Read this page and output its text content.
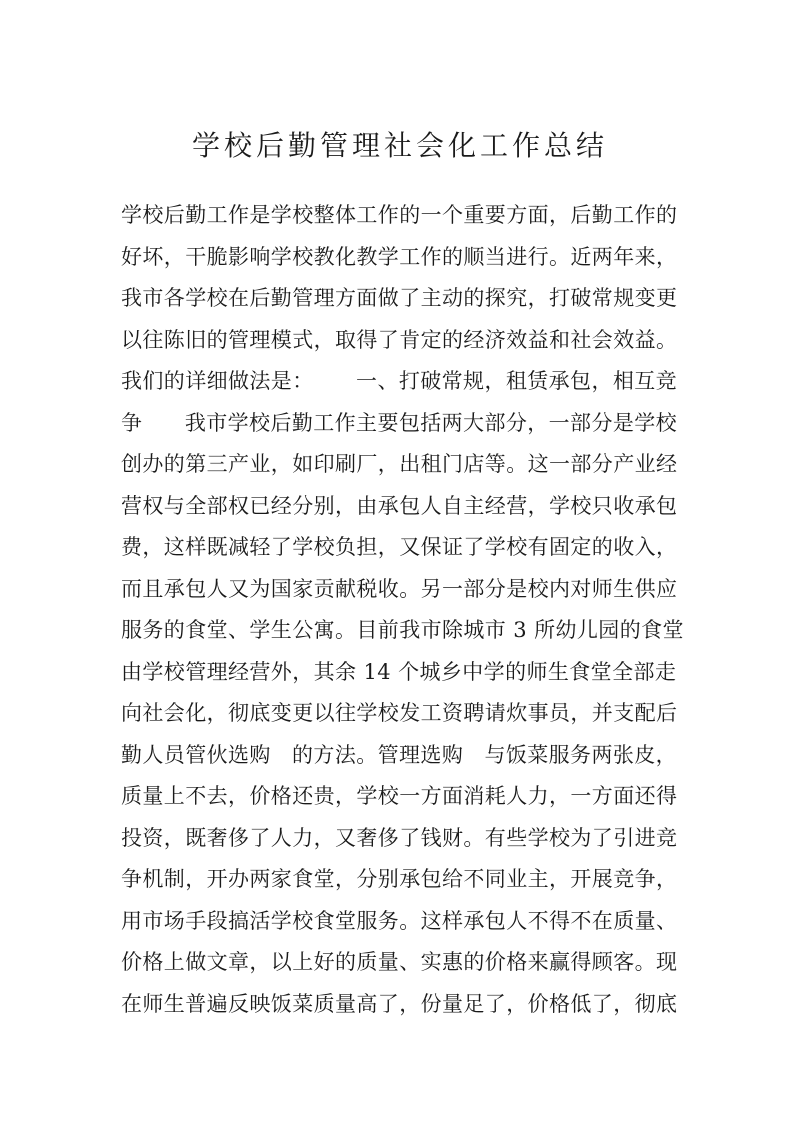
学校后勤管理社会化工作总结
学校后勤工作是学校整体工作的一个重要方面，后勤工作的
好坏，干脆影响学校教化教学工作的顺当进行。近两年来，
我市各学校在后勤管理方面做了主动的探究，打破常规变更
以往陈旧的管理模式，取得了肯定的经济效益和社会效益。
我们的详细做法是：      一、打破常规，租赁承包，相互竞
争      我市学校后勤工作主要包括两大部分，一部分是学校
创办的第三产业，如印刷厂，出租门店等。这一部分产业经
营权与全部权已经分别，由承包人自主经营，学校只收承包
费，这样既减轻了学校负担，又保证了学校有固定的收入，
而且承包人又为国家贡献税收。另一部分是校内对师生供应
服务的食堂、学生公寓。目前我市除城市 3 所幼儿园的食堂
由学校管理经营外，其余 14 个城乡中学的师生食堂全部走
向社会化，彻底变更以往学校发工资聘请炊事员，并支配后
勤人员管伙选购   的方法。管理选购   与饭菜服务两张皮，
质量上不去，价格还贵，学校一方面消耗人力，一方面还得
投资，既奢侈了人力，又奢侈了钱财。有些学校为了引进竞
争机制，开办两家食堂，分别承包给不同业主，开展竞争，
用市场手段搞活学校食堂服务。这样承包人不得不在质量、
价格上做文章，以上好的质量、实惠的价格来赢得顾客。现
在师生普遍反映饭菜质量高了，份量足了，价格低了，彻底
